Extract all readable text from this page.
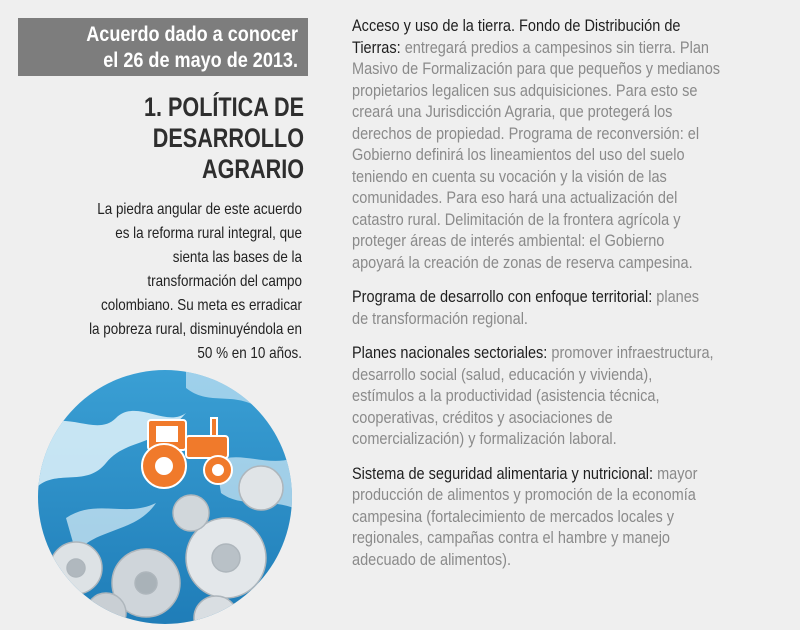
Acuerdo dado a conocer
el 26 de mayo de 2013.
1. POLÍTICA DE
DESARROLLO
AGRARIO
La piedra angular de este acuerdo
es la reforma rural integral, que
sienta las bases de la
transformación del campo
colombiano. Su meta es erradicar
la pobreza rural, disminuyéndola en
50 % en 10 años.
Acceso y uso de la tierra. Fondo de Distribución de
Tierras: entregará predios a campesinos sin tierra. Plan
Masivo de Formalización para que pequeños y medianos
propietarios legalicen sus adquisiciones. Para esto se
creará una Jurisdicción Agraria, que protegerá los
derechos de propiedad. Programa de reconversión: el
Gobierno definirá los lineamientos del uso del suelo
teniendo en cuenta su vocación y la visión de las
comunidades. Para eso hará una actualización del
catastro rural. Delimitación de la frontera agrícola y
proteger áreas de interés ambiental: el Gobierno
apoyará la creación de zonas de reserva campesina.
Programa de desarrollo con enfoque territorial: planes
de transformación regional.
Planes nacionales sectoriales: promover infraestructura,
desarrollo social (salud, educación y vivienda),
estímulos a la productividad (asistencia técnica,
cooperativas, créditos y asociaciones de
comercialización) y formalización laboral.
Sistema de seguridad alimentaria y nutricional: mayor
producción de alimentos y promoción de la economía
campesina (fortalecimiento de mercados locales y
regionales, campañas contra el hambre y manejo
adecuado de alimentos).
